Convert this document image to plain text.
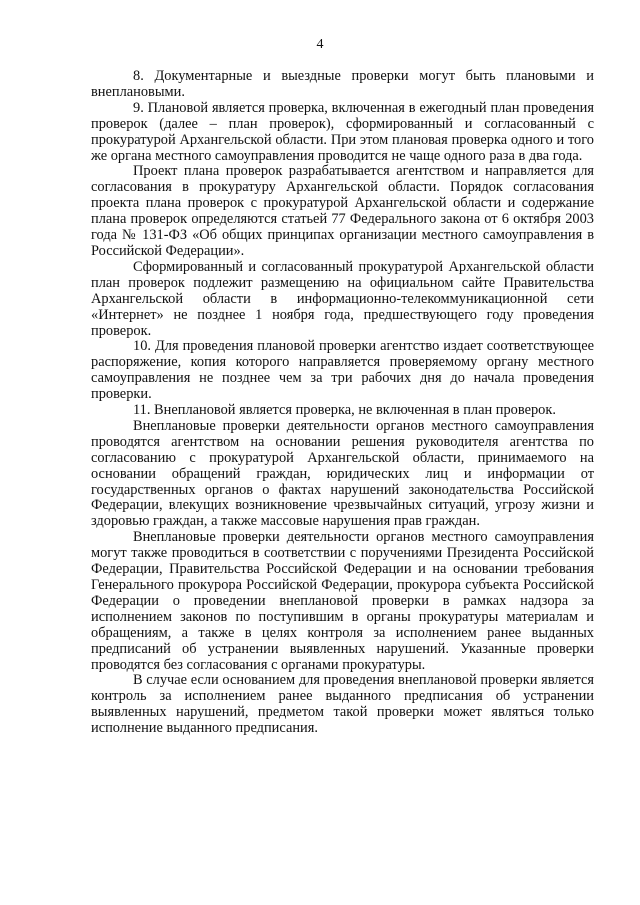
4

8. Документарные и выездные проверки могут быть плановыми и внеплановыми.

9. Плановой является проверка, включенная в ежегодный план проведения проверок (далее – план проверок), сформированный и согласованный с прокуратурой Архангельской области. При этом плановая проверка одного и того же органа местного самоуправления проводится не чаще одного раза в два года.

Проект плана проверок разрабатывается агентством и направляется для согласования в прокуратуру Архангельской области. Порядок согласования проекта плана проверок с прокуратурой Архангельской области и содержание плана проверок определяются статьей 77 Федерального закона от 6 октября 2003 года № 131-ФЗ «Об общих принципах организации местного самоуправления в Российской Федерации».

Сформированный и согласованный прокуратурой Архангельской области план проверок подлежит размещению на официальном сайте Правительства Архангельской области в информационно-телекоммуникационной сети «Интернет» не позднее 1 ноября года, предшествующего году проведения проверок.

10. Для проведения плановой проверки агентство издает соответствующее распоряжение, копия которого направляется проверяемому органу местного самоуправления не позднее чем за три рабочих дня до начала проведения проверки.

11. Внеплановой является проверка, не включенная в план проверок.

Внеплановые проверки деятельности органов местного самоуправления проводятся агентством на основании решения руководителя агентства по согласованию с прокуратурой Архангельской области, принимаемого на основании обращений граждан, юридических лиц и информации от государственных органов о фактах нарушений законодательства Российской Федерации, влекущих возникновение чрезвычайных ситуаций, угрозу жизни и здоровью граждан, а также массовые нарушения прав граждан.

Внеплановые проверки деятельности органов местного самоуправления могут также проводиться в соответствии с поручениями Президента Российской Федерации, Правительства Российской Федерации и на основании требования Генерального прокурора Российской Федерации, прокурора субъекта Российской Федерации о проведении внеплановой проверки в рамках надзора за исполнением законов по поступившим в органы прокуратуры материалам и обращениям, а также в целях контроля за исполнением ранее выданных предписаний об устранении выявленных нарушений. Указанные проверки проводятся без согласования с органами прокуратуры.

В случае если основанием для проведения внеплановой проверки является контроль за исполнением ранее выданного предписания об устранении выявленных нарушений, предметом такой проверки может являться только исполнение выданного предписания.
